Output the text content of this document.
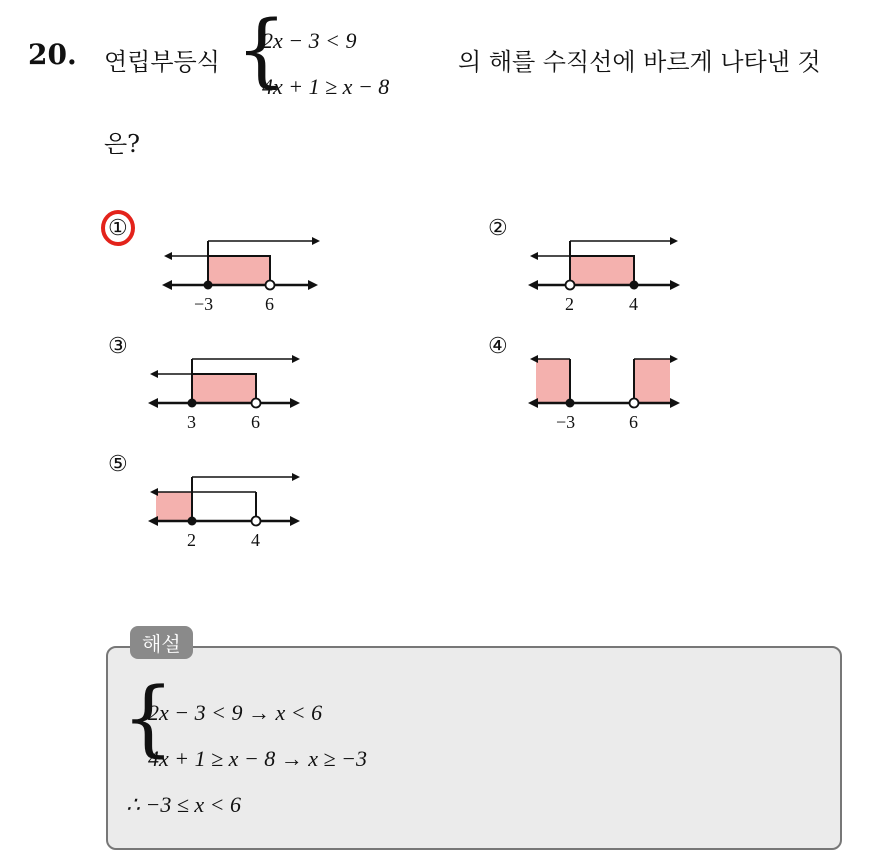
20. 연립부등식 {
2x − 3 < 9
4x + 1 ≥ x − 8
의 해를 수직선에 바르게 나타낸 것
은?
①
−3	6
②
2	4
③
3	6
④
−3	6
⑤
2	4
해설
{
2x − 3 < 9 → x < 6
4x + 1 ≥ x − 8 → x ≥ −3
∴ −3 ≤ x < 6
